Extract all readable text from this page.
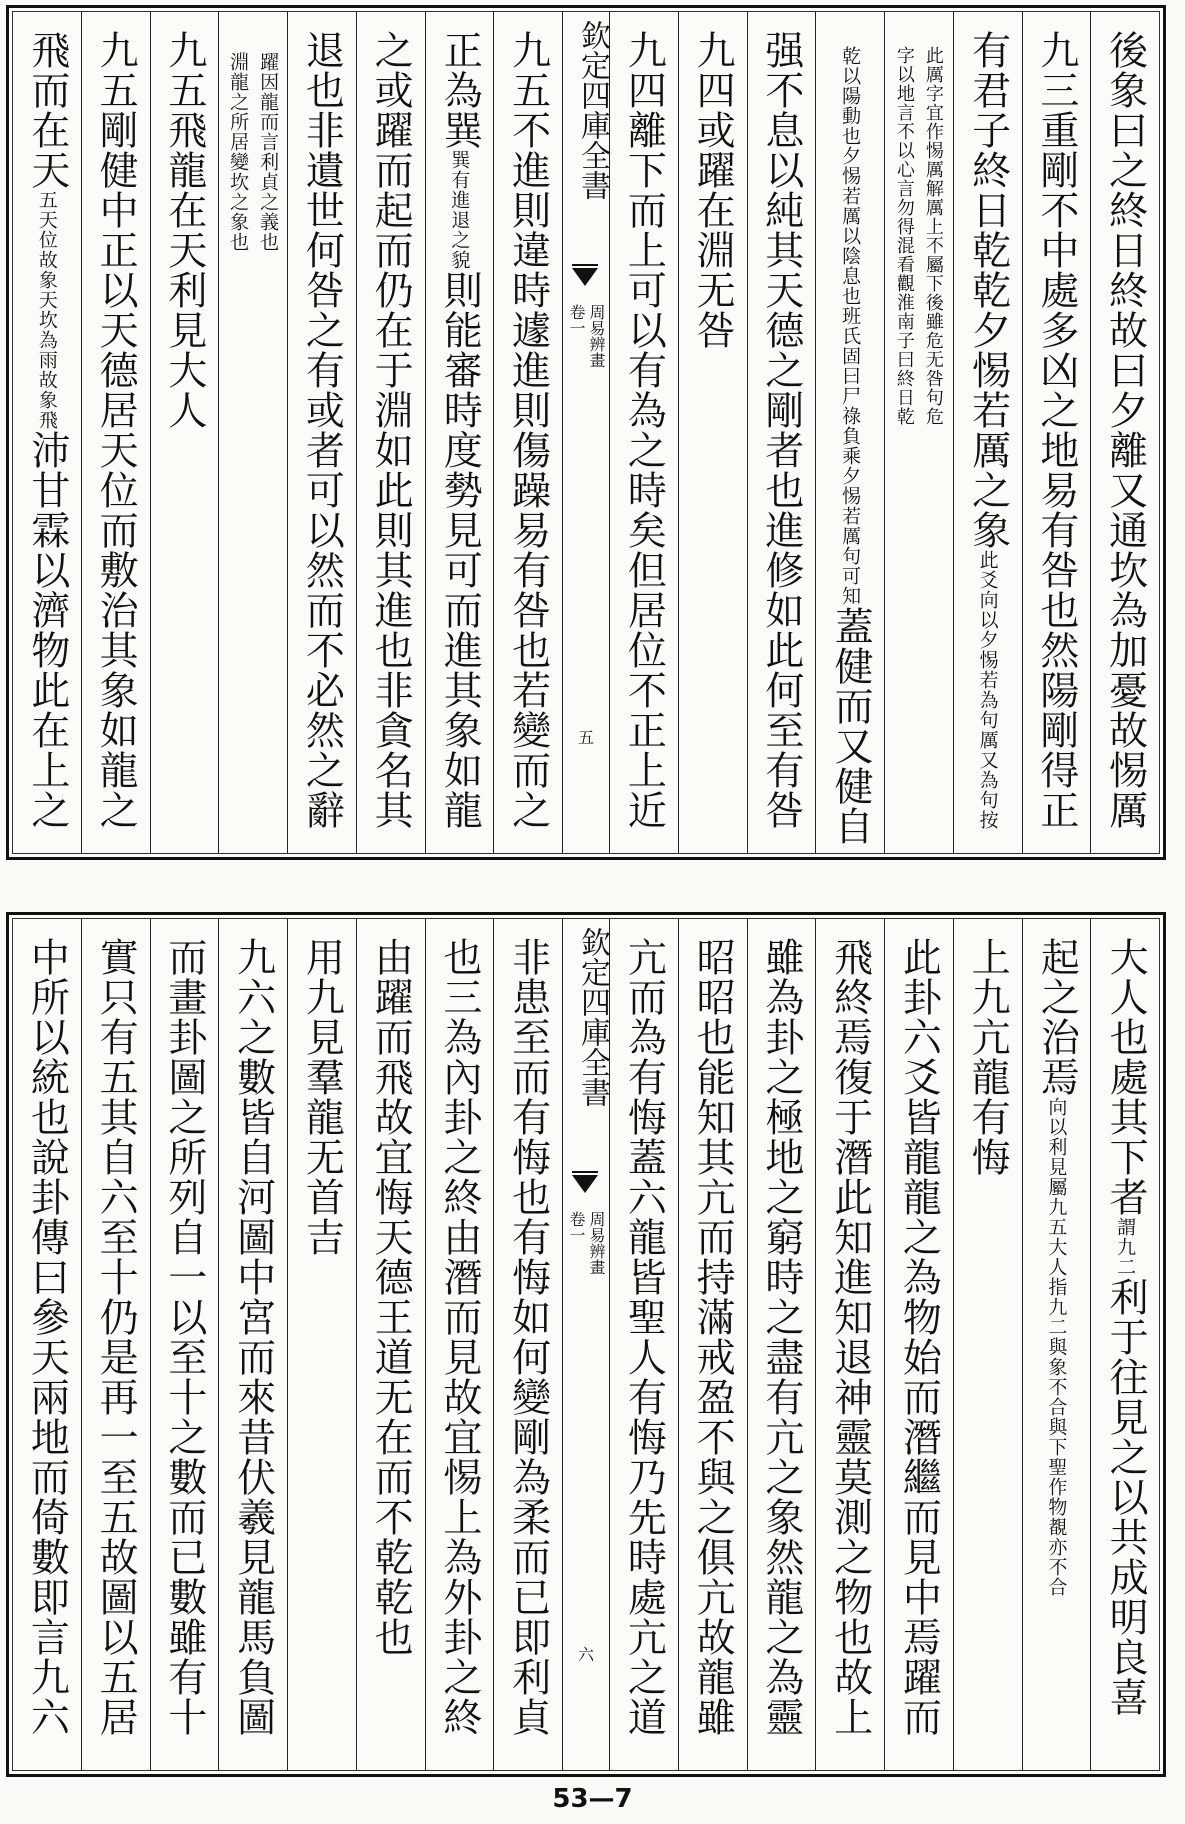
後象曰之終日終故曰夕離又通坎為加憂故惕厲
九三重剛不中處多凶之地易有咎也然陽剛得正
有君子終日乾乾夕惕若厲之象此爻向以夕惕若為句厲又為句按
此厲字宜作惕厲解厲上不屬下後雖危无咎句危
字以地言不以心言勿得混看觀淮南子曰終日乾
乾以陽動也夕惕若厲以陰息也班氏固曰尸祿負乘夕惕若厲句可知蓋健而又健自
强不息以純其天德之剛者也進修如此何至有咎
九四或躍在淵无咎
九四離下而上可以有為之時矣但居位不正上近
欽定四庫全書
周易辨畫
卷一
五
九五不進則違時遽進則傷躁易有咎也若變而之
正為巽巽有進退之貌則能審時度勢見可而進其象如龍
之或躍而起而仍在于淵如此則其進也非貪名其
退也非遺世何咎之有或者可以然而不必然之辭
躍因龍而言利貞之義也
淵龍之所居變坎之象也
九五飛龍在天利見大人
九五剛健中正以天德居天位而敷治其象如龍之
飛而在天五天位故象天坎為雨故象飛沛甘霖以濟物此在上之
大人也處其下者謂九二利于往見之以共成明良喜
起之治焉向以利見屬九五大人指九二與象不合與下聖作物覩亦不合
上九亢龍有悔
此卦六爻皆龍龍之為物始而潛繼而見中焉躍而
飛終焉復于潛此知進知退神靈莫測之物也故上
雖為卦之極地之窮時之盡有亢之象然龍之為靈
昭昭也能知其亢而持滿戒盈不與之俱亢故龍雖
亢而為有悔蓋六龍皆聖人有悔乃先時處亢之道
欽定四庫全書
周易辨畫
卷一
六
非患至而有悔也有悔如何變剛為柔而已即利貞
也三為內卦之終由潛而見故宜惕上為外卦之終
由躍而飛故宜悔天德王道无在而不乾乾也
用九見羣龍无首吉
九六之數皆自河圖中宮而來昔伏羲見龍馬負圖
而畫卦圖之所列自一以至十之數而已數雖有十
實只有五其自六至十仍是再一至五故圖以五居
中所以統也說卦傳曰參天兩地而倚數即言九六
53—7
